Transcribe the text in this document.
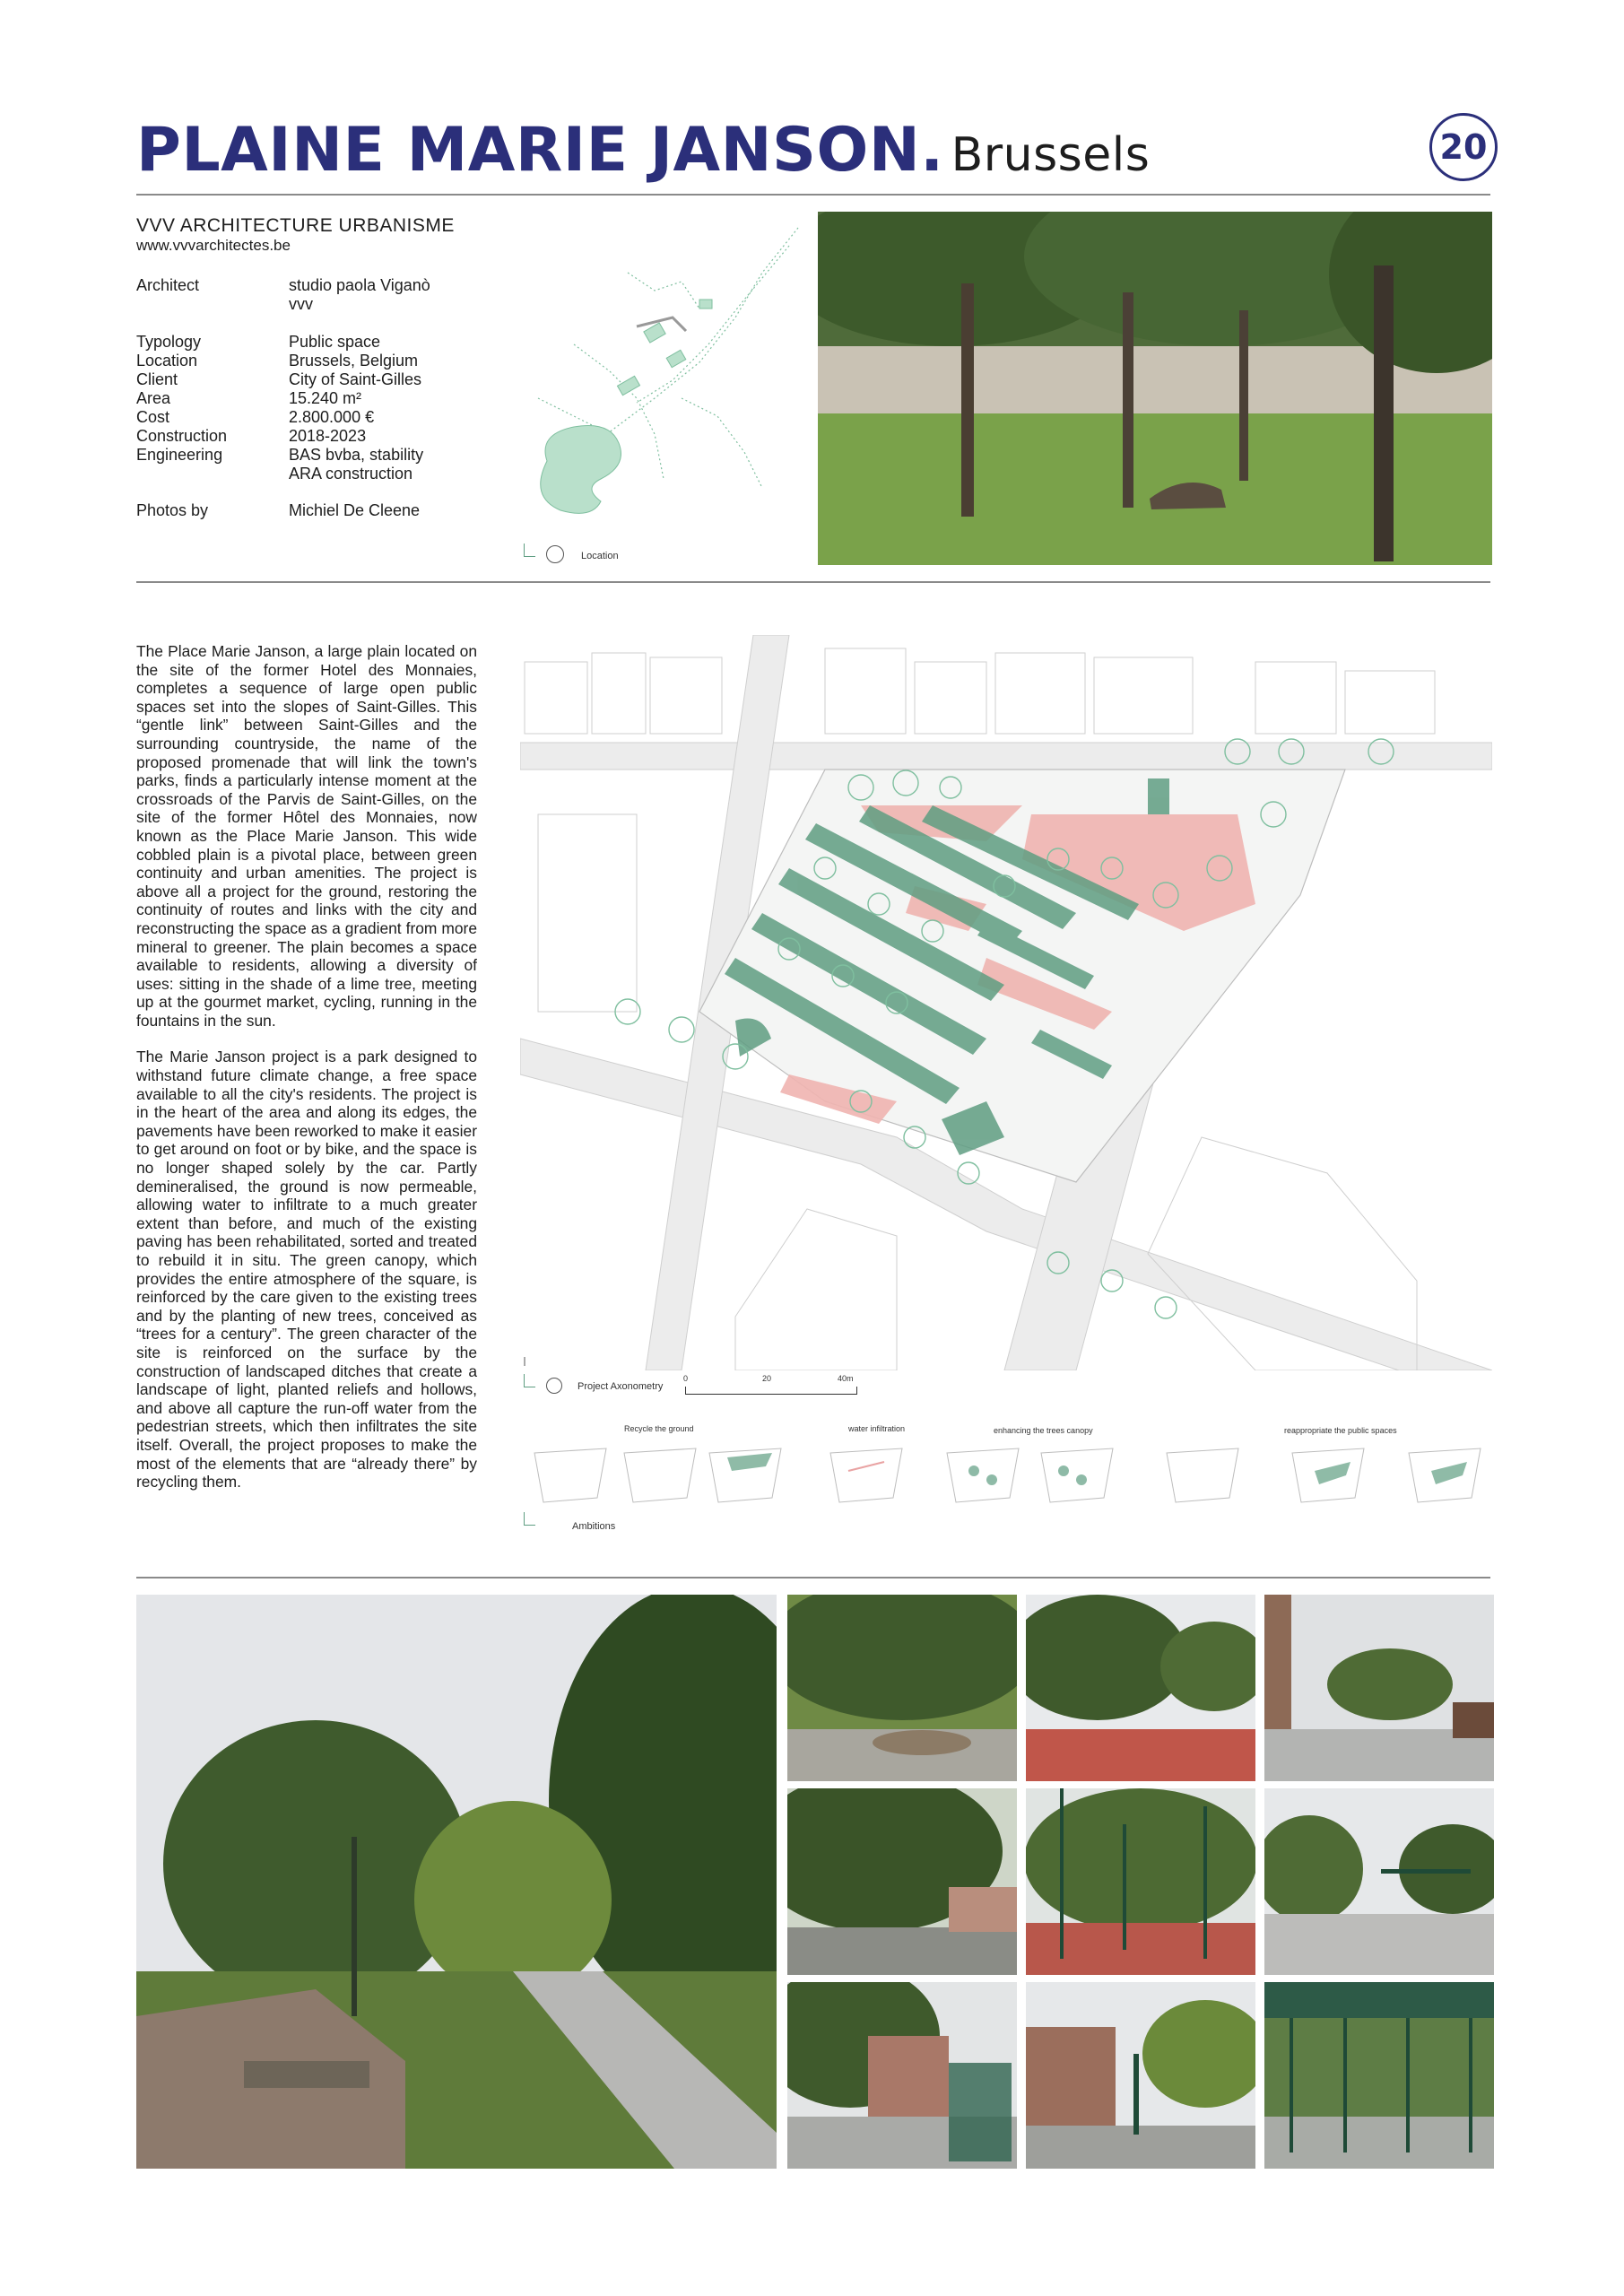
PLAINE MARIE JANSON. Brussels	20
VVV ARCHITECTURE URBANISME
www.vvvarchitectes.be
Architect	studio paola Viganò
vvv
Typology	Public space
Location	Brussels, Belgium
Client	City of Saint-Gilles
Area	15.240 m²
Cost	2.800.000 €
Construction	2018-2023
Engineering	BAS bvba, stability
ARA construction
Photos by	Michiel De Cleene
Location

The Place Marie Janson, a large plain located on the site of the former Hotel des Monnaies, completes a sequence of large open public spaces set into the slopes of Saint-Gilles. This “gentle link” between Saint-Gilles and the surrounding countryside, the name of the proposed promenade that will link the town's parks, finds a particularly intense moment at the crossroads of the Parvis de Saint-Gilles, on the site of the former Hôtel des Monnaies, now known as the Place Marie Janson. This wide cobbled plain is a pivotal place, between green continuity and urban amenities. The project is above all a project for the ground, restoring the continuity of routes and links with the city and reconstructing the space as a gradient from more mineral to greener. The plain becomes a space available to residents, allowing a diversity of uses: sitting in the shade of a lime tree, meeting up at the gourmet market, cycling, running in the fountains in the sun.

The Marie Janson project is a park designed to withstand future climate change, a free space available to all the city's residents. The project is in the heart of the area and along its edges, the pavements have been reworked to make it easier to get around on foot or by bike, and the space is no longer shaped solely by the car. Partly demineralised, the ground is now permeable, allowing water to infiltrate to a much greater extent than before, and much of the existing paving has been rehabilitated, sorted and treated to rebuild it in situ. The green canopy, which provides the entire atmosphere of the square, is reinforced by the care given to the existing trees and by the planting of new trees, conceived as “trees for a century”. The green character of the site is reinforced on the surface by the construction of landscaped ditches that create a landscape of light, planted reliefs and hollows, and above all capture the run-off water from the pedestrian streets, which then infiltrates the site itself. Overall, the project proposes to make the most of the elements that are “already there” by recycling them.

Project Axonometry
0	20	40m
Recycle the ground	water infiltration	enhancing the trees canopy	reappropriate the public spaces
Ambitions
